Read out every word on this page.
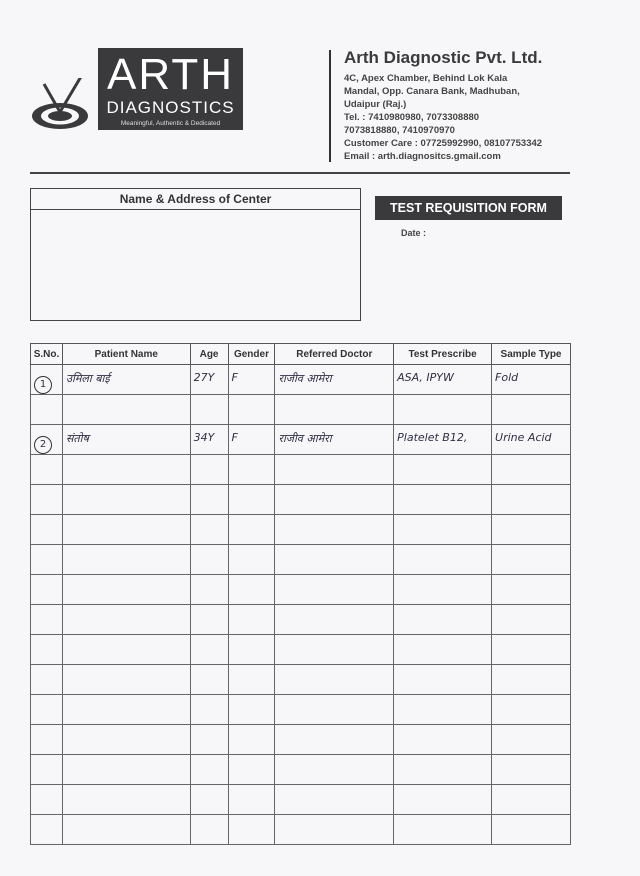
ARTH
DIAGNOSTICS
Meaningful, Authentic & Dedicated
Arth Diagnostic Pvt. Ltd.
4C, Apex Chamber, Behind Lok Kala
Mandal, Opp. Canara Bank, Madhuban,
Udaipur (Raj.)
Tel. : 7410980980, 7073308880
7073818880, 7410970970
Customer Care : 07725992990, 08107753342
Email : arth.diagnositcs.gmail.com
Name & Address of Center
TEST REQUISITION FORM
Date :
S.No.	Patient Name	Age	Gender	Referred Doctor	Test Prescribe	Sample Type
1	उमिला बाई	27Y	F	राजीव आमेरा	ASA, IPYW	Fold

2	संतोष	34Y	F	राजीव आमेरा	Platelet B12,	Urine Acid
